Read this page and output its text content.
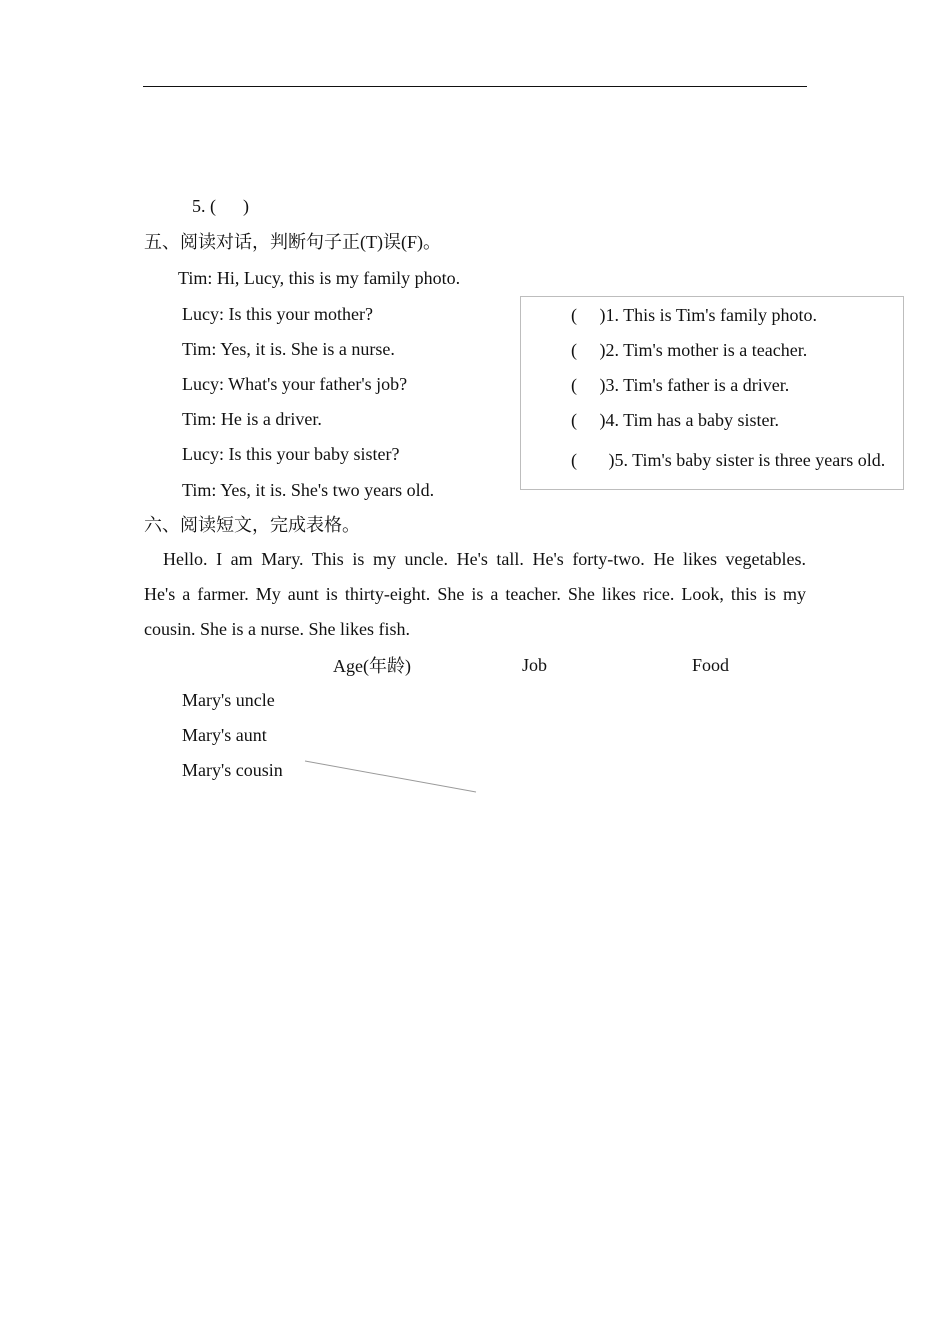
5. (      )
五、阅读对话，判断句子正(T)误(F)。
Tim: Hi, Lucy, this is my family photo.
Lucy: Is this your mother?
Tim: Yes, it is. She is a nurse.
Lucy: What's your father's job?
Tim: He is a driver.
Lucy: Is this your baby sister?
Tim: Yes, it is. She's two years old.
(     )1. This is Tim's family photo.
(     )2. Tim's mother is a teacher.
(     )3. Tim's father is a driver.
(     )4. Tim has a baby sister.
(       )5. Tim's baby sister is three years old.
六、阅读短文，完成表格。
Hello. I am Mary. This is my uncle. He's tall. He's forty-two. He likes vegetables.
He's a farmer. My aunt is thirty-eight. She is a teacher. She likes rice. Look, this is my
cousin. She is a nurse. She likes fish.
Age(年龄)	Job	Food
Mary's uncle
Mary's aunt
Mary's cousin
